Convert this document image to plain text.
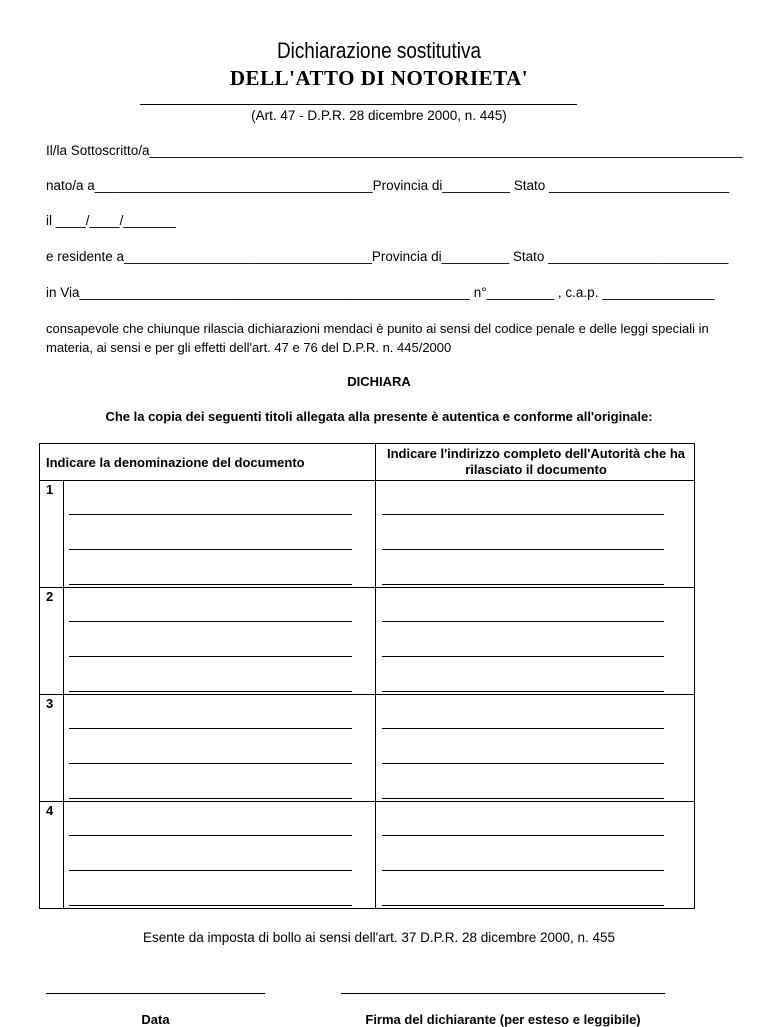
Dichiarazione sostitutiva
DELL'ATTO DI NOTORIETA'
(Art. 47 - D.P.R. 28 dicembre 2000, n. 445)
Il/la Sottoscritto/a_______________________________________________________________________________
nato/a a_____________________________________Provincia di_________ Stato ________________________
il ____/____/_______
e residente a_________________________________Provincia di_________ Stato ________________________
in Via____________________________________________________ n°_________ , c.a.p. _______________
consapevole che chiunque rilascia dichiarazioni mendaci è punito ai sensi del codice penale e delle leggi speciali in materia, ai sensi e per gli effetti dell'art. 47 e 76 del D.P.R. n. 445/2000
DICHIARA
Che la copia dei seguenti titoli allegata alla presente è autentica e conforme all'originale:
Indicare la denominazione del documento
Indicare l'indirizzo completo dell'Autorità che ha rilasciato il documento
1
2
3
4
Esente da imposta di bollo ai sensi dell'art. 37 D.P.R. 28 dicembre 2000, n. 455
Data	Firma del dichiarante (per esteso e leggibile)
